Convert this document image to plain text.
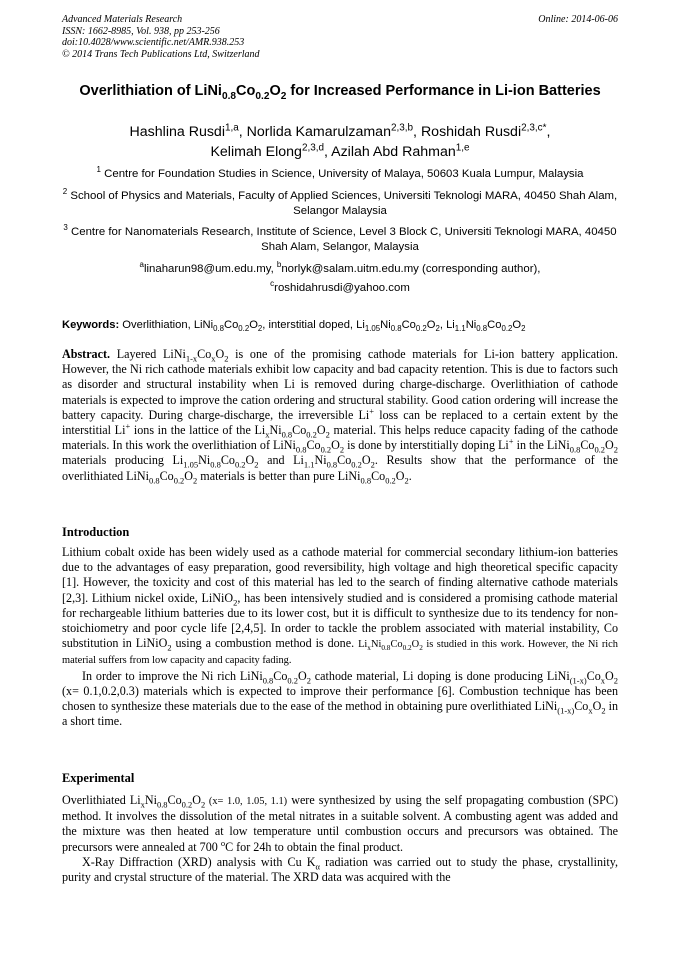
Advanced Materials Research
ISSN: 1662-8985, Vol. 938, pp 253-256
doi:10.4028/www.scientific.net/AMR.938.253
© 2014 Trans Tech Publications Ltd, Switzerland
Online: 2014-06-06
Overlithiation of $LiNi_{0.8}Co_{0.2}O_2$ for Increased Performance in Li-ion Batteries
Hashlina Rusdi$^{1,a}$, Norlida Kamarulzaman$^{2,3,b}$, Roshidah Rusdi$^{2,3,c*}$,
Kelimah Elong$^{2,3,d}$, Azilah Abd Rahman$^{1,e}$
$^1$ Centre for Foundation Studies in Science, University of Malaya, 50603 Kuala Lumpur, Malaysia
$^2$ School of Physics and Materials, Faculty of Applied Sciences, Universiti Teknologi MARA, 40450 Shah Alam, Selangor Malaysia
$^3$ Centre for Nanomaterials Research, Institute of Science, Level 3 Block C, Universiti Teknologi MARA, 40450 Shah Alam, Selangor, Malaysia
$^a$linaharun98@um.edu.my, $^b$norlyk@salam.uitm.edu.my (corresponding author),
$^c$roshidahrusdi@yahoo.com
Keywords: Overlithiation, $LiNi_{0.8}Co_{0.2}O_2$, interstitial doped, $Li_{1.05}Ni_{0.8}Co_{0.2}O_2$, $Li_{1.1}Ni_{0.8}Co_{0.2}O_2$

Abstract. Layered $LiNi_{1-x}Co_xO_2$ is one of the promising cathode materials for Li-ion battery application. However, the Ni rich cathode materials exhibit low capacity and bad capacity retention. This is due to factors such as disorder and structural instability when Li is removed during charge-discharge. Overlithiation of cathode materials is expected to improve the cation ordering and structural stability. Good cation ordering will increase the battery capacity. During charge-discharge, the irreversible Li+ loss can be replaced to a certain extent by the interstitial Li+ ions in the lattice of the $Li_xNi_{0.8}Co_{0.2}O_2$ material. This helps reduce capacity fading of the cathode materials. In this work the overlithiation of $LiNi_{0.8}Co_{0.2}O_2$ is done by interstitially doping Li+ in the $LiNi_{0.8}Co_{0.2}O_2$ materials producing $Li_{1.05}Ni_{0.8}Co_{0.2}O_2$ and $Li_{1.1}Ni_{0.8}Co_{0.2}O_2$. Results show that the performance of the overlithiated $LiNi_{0.8}Co_{0.2}O_2$ materials is better than pure $LiNi_{0.8}Co_{0.2}O_2$.

Introduction

Lithium cobalt oxide has been widely used as a cathode material for commercial secondary lithium-ion batteries due to the advantages of easy preparation, good reversibility, high voltage and high theoretical specific capacity [1]. However, the toxicity and cost of this material has led to the search of finding alternative cathode materials [2,3]. Lithium nickel oxide, LiNiO$_2$, has been intensively studied and is considered a promising cathode material for rechargeable lithium batteries due to its lower cost, but it is difficult to synthesize due to its tendency for non-stoichiometry and poor cycle life [2,4,5]. In order to tackle the problem associated with material instability, Co substitution in LiNiO$_2$ using a combustion method is done. $Li_xNi_{0.8}Co_{0.2}O_2$ is studied in this work. However, the Ni rich material suffers from low capacity and capacity fading.

In order to improve the Ni rich $LiNi_{0.8}Co_{0.2}O_2$ cathode material, Li doping is done producing $LiNi_{(1-x)}Co_xO_2$ (x= 0.1,0.2,0.3) materials which is expected to improve their performance [6]. Combustion technique has been chosen to synthesize these materials due to the ease of the method in obtaining pure overlithiated $LiNi_{(1-x)}Co_xO_2$ in a short time.

Experimental

Overlithiated $Li_xNi_{0.8}Co_{0.2}O_2$ (x= 1.0, 1.05, 1.1) were synthesized by using the self propagating combustion (SPC) method. It involves the dissolution of the metal nitrates in a suitable solvent. A combusting agent was added and the mixture was then heated at low temperature until combustion occurs and precursors was obtained. The precursors were annealed at 700 $^o$C for 24h to obtain the final product.

X-Ray Diffraction (XRD) analysis with Cu $K_\alpha$ radiation was carried out to study the phase, crystallinity, purity and crystal structure of the material. The XRD data was acquired with the
